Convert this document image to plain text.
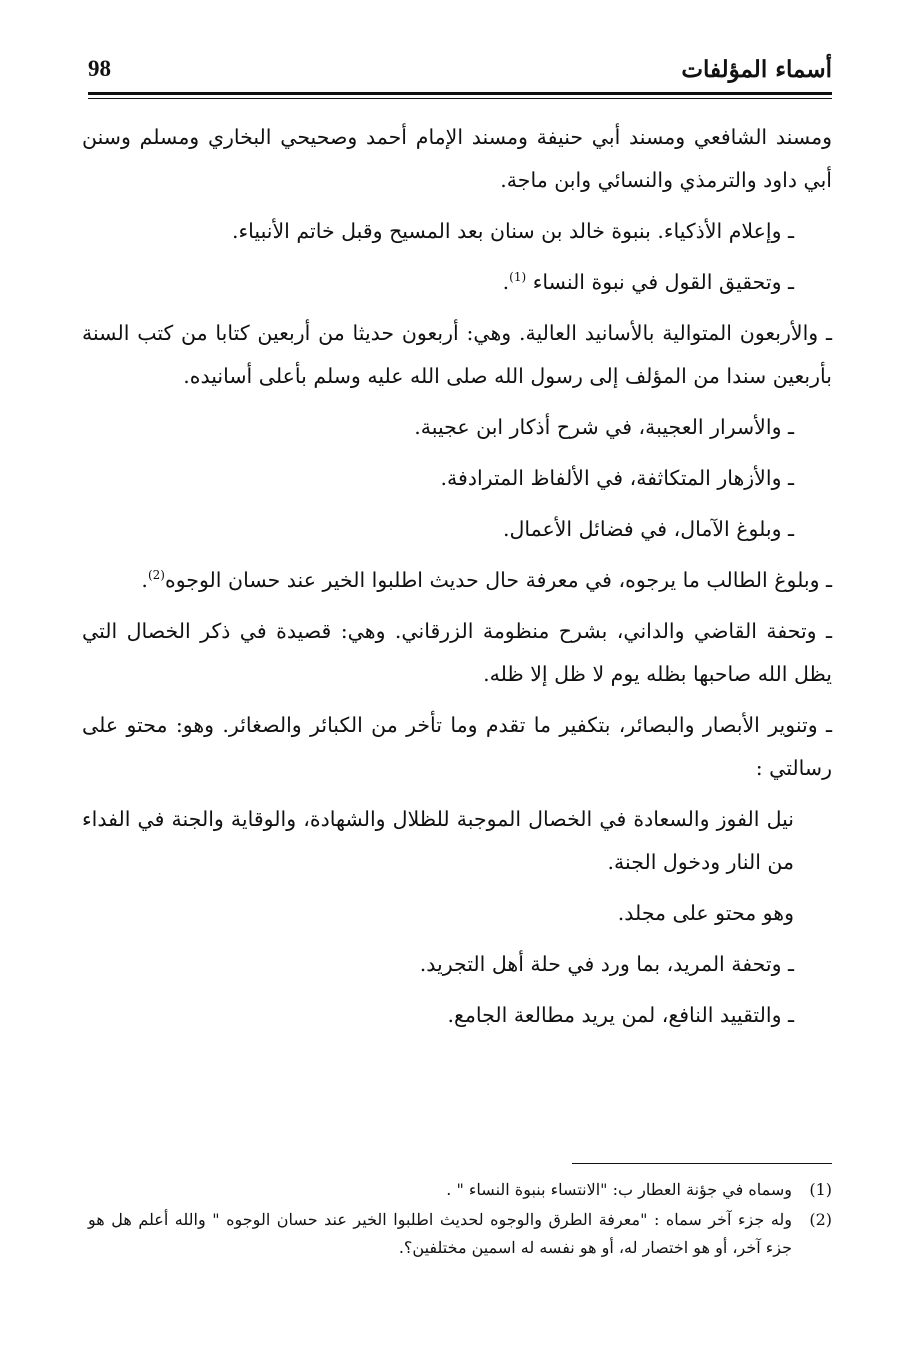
أسماء المؤلفات
98

ومسند الشافعي ومسند أبي حنيفة ومسند الإمام أحمد وصحيحي البخاري ومسلم وسنن أبي داود والترمذي والنسائي وابن ماجة.

ـ وإعلام الأذكياء. بنبوة خالد بن سنان بعد المسيح وقبل خاتم الأنبياء.

ـ وتحقيق القول في نبوة النساء $^{(1)}$.

ـ والأربعون المتوالية بالأسانيد العالية. وهي: أربعون حديثا من أربعين كتابا من كتب السنة بأربعين سندا من المؤلف إلى رسول الله صلى الله عليه وسلم بأعلى أسانيده.

ـ والأسرار العجيبة، في شرح أذكار ابن عجيبة.

ـ والأزهار المتكاثفة، في الألفاظ المترادفة.

ـ وبلوغ الآمال، في فضائل الأعمال.

ـ وبلوغ الطالب ما يرجوه، في معرفة حال حديث اطلبوا الخير عند حسان الوجوه$^{(2)}$.

ـ وتحفة القاضي والداني، بشرح منظومة الزرقاني. وهي: قصيدة في ذكر الخصال التي يظل الله صاحبها بظله يوم لا ظل إلا ظله.

ـ وتنوير الأبصار والبصائر، بتكفير ما تقدم وما تأخر من الكبائر والصغائر. وهو: محتو على رسالتي :

نيل الفوز والسعادة في الخصال الموجبة للظلال والشهادة، والوقاية والجنة في الفداء من النار ودخول الجنة.

وهو محتو على مجلد.

ـ وتحفة المريد، بما ورد في حلة أهل التجريد.

ـ والتقييد النافع، لمن يريد مطالعة الجامع.

(1)
وسماه في جؤنة العطار ب: "الانتساء بنبوة النساء " .
(2)
وله جزء آخر سماه : "معرفة الطرق والوجوه لحديث اطلبوا الخير عند حسان الوجوه " والله أعلم هل هو جزء آخر، أو هو اختصار له، أو هو نفسه له اسمين مختلفين؟.
